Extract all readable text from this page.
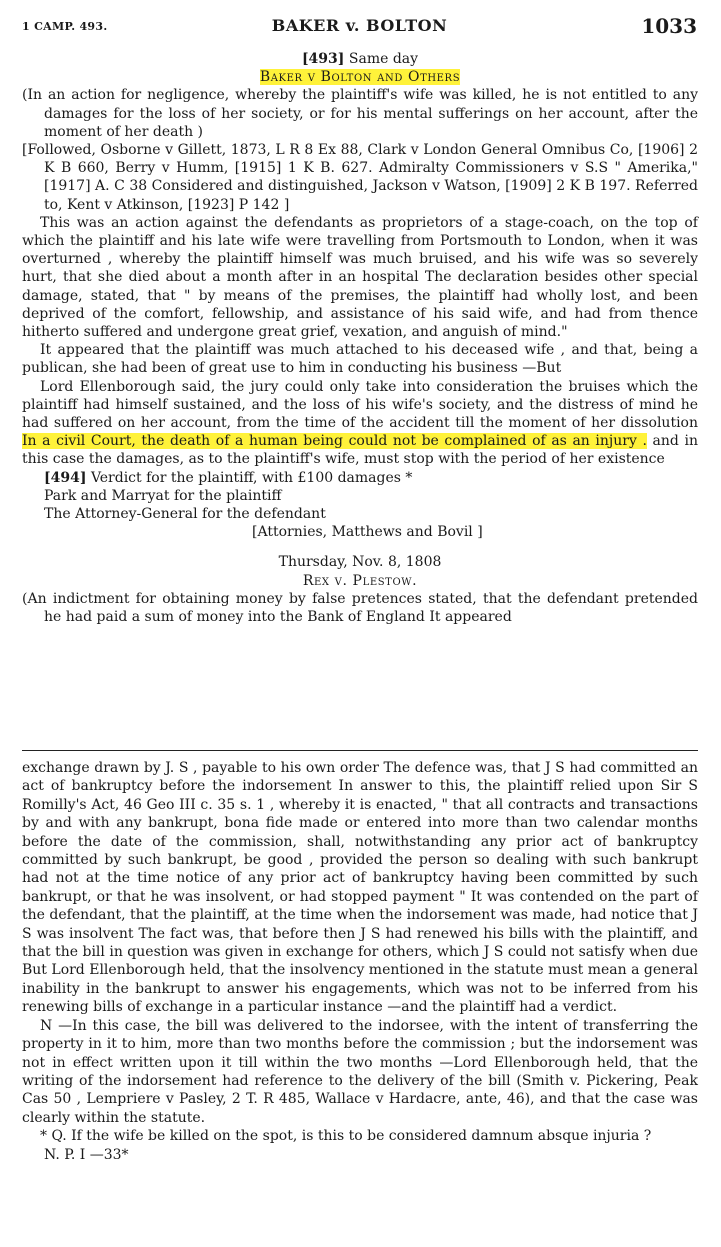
1 CAMP. 493.	BAKER v. BOLTON	1033
[493] Same day
Baker v Bolton and Others

(In an action for negligence, whereby the plaintiff's wife was killed, he is not entitled to any damages for the loss of her society, or for his mental sufferings on her account, after the moment of her death )

[Followed, Osborne v Gillett, 1873, L R 8 Ex 88, Clark v London General Omnibus Co, [1906] 2 K B 660, Berry v Humm, [1915] 1 K B. 627. Admiralty Commissioners v S.S " Amerika," [1917] A. C 38 Considered and distinguished, Jackson v Watson, [1909] 2 K B 197. Referred to, Kent v Atkinson, [1923] P 142 ]

This was an action against the defendants as proprietors of a stage-coach, on the top of which the plaintiff and his late wife were travelling from Portsmouth to London, when it was overturned , whereby the plaintiff himself was much bruised, and his wife was so severely hurt, that she died about a month after in an hospital The declaration besides other special damage, stated, that " by means of the premises, the plaintiff had wholly lost, and been deprived of the comfort, fellowship, and assistance of his said wife, and had from thence hitherto suffered and undergone great grief, vexation, and anguish of mind."

It appeared that the plaintiff was much attached to his deceased wife , and that, being a publican, she had been of great use to him in conducting his business —But

Lord Ellenborough said, the jury could only take into consideration the bruises which the plaintiff had himself sustained, and the loss of his wife's society, and the distress of mind he had suffered on her account, from the time of the accident till the moment of her dissolution In a civil Court, the death of a human being could not be complained of as an injury . and in this case the damages, as to the plaintiff's wife, must stop with the period of her existence

[494] Verdict for the plaintiff, with £100 damages *

Park and Marryat for the plaintiff

The Attorney-General for the defendant

[Attornies, Matthews and Bovil ]

Thursday, Nov. 8, 1808
Rex v. Plestow.

(An indictment for obtaining money by false pretences stated, that the defendant pretended he had paid a sum of money into the Bank of England It appeared

exchange drawn by J. S , payable to his own order The defence was, that J S had committed an act of bankruptcy before the indorsement In answer to this, the plaintiff relied upon Sir S Romilly's Act, 46 Geo III c. 35 s. 1 , whereby it is enacted, " that all contracts and transactions by and with any bankrupt, bona fide made or entered into more than two calendar months before the date of the commission, shall, notwithstanding any prior act of bankruptcy committed by such bankrupt, be good , provided the person so dealing with such bankrupt had not at the time notice of any prior act of bankruptcy having been committed by such bankrupt, or that he was insolvent, or had stopped payment " It was contended on the part of the defendant, that the plaintiff, at the time when the indorsement was made, had notice that J S was insolvent The fact was, that before then J S had renewed his bills with the plaintiff, and that the bill in question was given in exchange for others, which J S could not satisfy when due But Lord Ellenborough held, that the insolvency mentioned in the statute must mean a general inability in the bankrupt to answer his engagements, which was not to be inferred from his renewing bills of exchange in a particular instance —and the plaintiff had a verdict.

N —In this case, the bill was delivered to the indorsee, with the intent of transferring the property in it to him, more than two months before the commission ; but the indorsement was not in effect written upon it till within the two months —Lord Ellenborough held, that the writing of the indorsement had reference to the delivery of the bill (Smith v. Pickering, Peak Cas 50 , Lempriere v Pasley, 2 T. R 485, Wallace v Hardacre, ante, 46), and that the case was clearly within the statute.

* Q. If the wife be killed on the spot, is this to be considered damnum absque injuria ?

N. P. I —33*
